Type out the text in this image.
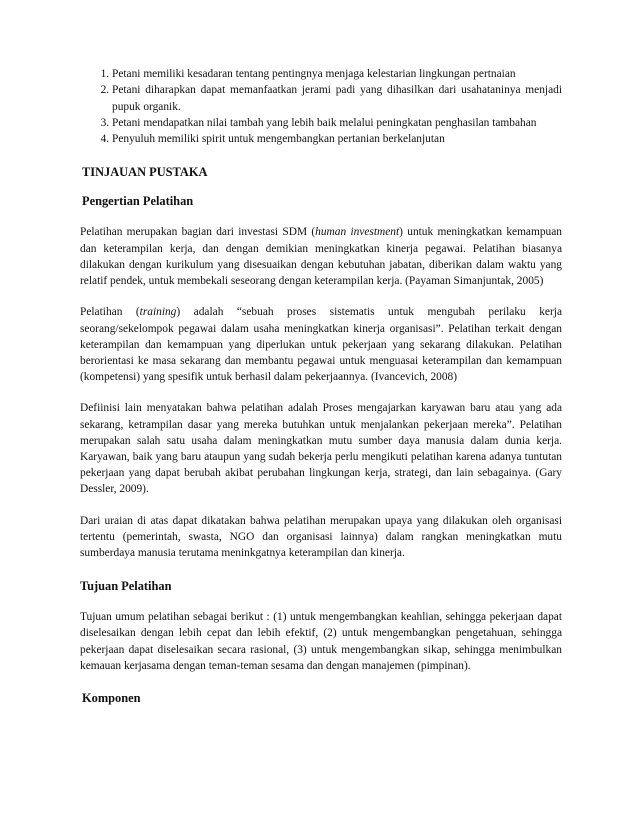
1. Petani memiliki kesadaran tentang pentingnya menjaga kelestarian lingkungan pertnaian
2. Petani diharapkan dapat memanfaatkan jerami padi yang dihasilkan dari usahataninya menjadi pupuk organik.
3. Petani mendapatkan nilai tambah yang lebih baik melalui peningkatan penghasilan tambahan
4. Penyuluh memiliki spirit untuk mengembangkan pertanian berkelanjutan
TINJAUAN PUSTAKA
Pengertian Pelatihan

Pelatihan merupakan bagian dari investasi SDM (human investment) untuk meningkatkan kemampuan dan keterampilan kerja, dan dengan demikian meningkatkan kinerja pegawai. Pelatihan biasanya dilakukan dengan kurikulum yang disesuaikan dengan kebutuhan jabatan, diberikan dalam waktu yang relatif pendek, untuk membekali seseorang dengan keterampilan kerja. (Payaman Simanjuntak, 2005)

Pelatihan (training) adalah “sebuah proses sistematis untuk mengubah perilaku kerja seorang/sekelompok pegawai dalam usaha meningkatkan kinerja organisasi”. Pelatihan terkait dengan keterampilan dan kemampuan yang diperlukan untuk pekerjaan yang sekarang dilakukan. Pelatihan berorientasi ke masa sekarang dan membantu pegawai untuk menguasai keterampilan dan kemampuan (kompetensi) yang spesifik untuk berhasil dalam pekerjaannya. (Ivancevich, 2008)

Defiinisi lain menyatakan bahwa pelatihan adalah Proses mengajarkan karyawan baru atau yang ada sekarang, ketrampilan dasar yang mereka butuhkan untuk menjalankan pekerjaan mereka”. Pelatihan merupakan salah satu usaha dalam meningkatkan mutu sumber daya manusia dalam dunia kerja. Karyawan, baik yang baru ataupun yang sudah bekerja perlu mengikuti pelatihan karena adanya tuntutan pekerjaan yang dapat berubah akibat perubahan lingkungan kerja, strategi, dan lain sebagainya. (Gary Dessler, 2009).

Dari uraian di atas dapat dikatakan bahwa pelatihan merupakan upaya yang dilakukan oleh organisasi tertentu (pemerintah, swasta, NGO dan organisasi lainnya) dalam rangkan meningkatkan mutu sumberdaya manusia terutama meninkgatnya keterampilan dan kinerja.

Tujuan Pelatihan

Tujuan umum pelatihan sebagai berikut : (1) untuk mengembangkan keahlian, sehingga pekerjaan dapat diselesaikan dengan lebih cepat dan lebih efektif, (2) untuk mengembangkan pengetahuan, sehingga pekerjaan dapat diselesaikan secara rasional, (3) untuk mengembangkan sikap, sehingga menimbulkan kemauan kerjasama dengan teman-teman sesama dan dengan manajemen (pimpinan).

Komponen
